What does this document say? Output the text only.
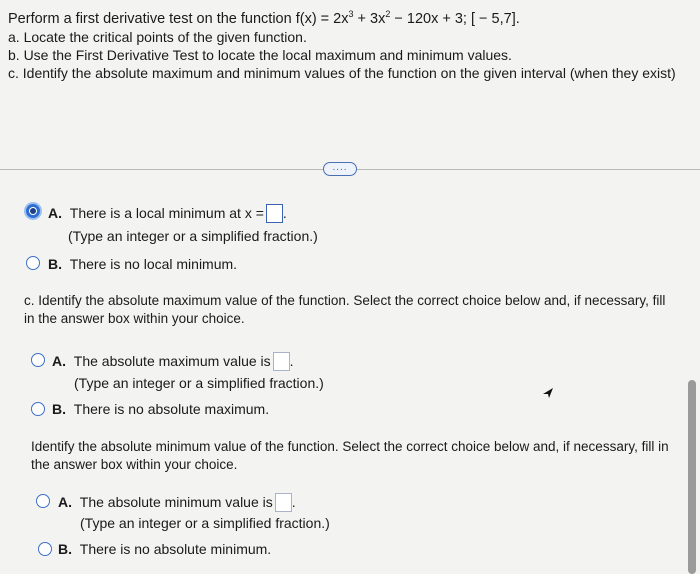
Perform a first derivative test on the function $f(x) = 2x^3 + 3x^2 - 120x + 3$; [ − 5,7].
a. Locate the critical points of the given function.
b. Use the First Derivative Test to locate the local maximum and minimum values.
c. Identify the absolute maximum and minimum values of the function on the given interval (when they exist)
....
A. There is a local minimum at x = .
(Type an integer or a simplified fraction.)
B. There is no local minimum.
c. Identify the absolute maximum value of the function. Select the correct choice below and, if necessary, fill
in the answer box within your choice.
A. The absolute maximum value is .
(Type an integer or a simplified fraction.)
B. There is no absolute maximum.
Identify the absolute minimum value of the function. Select the correct choice below and, if necessary, fill in
the answer box within your choice.
A. The absolute minimum value is .
(Type an integer or a simplified fraction.)
B. There is no absolute minimum.
